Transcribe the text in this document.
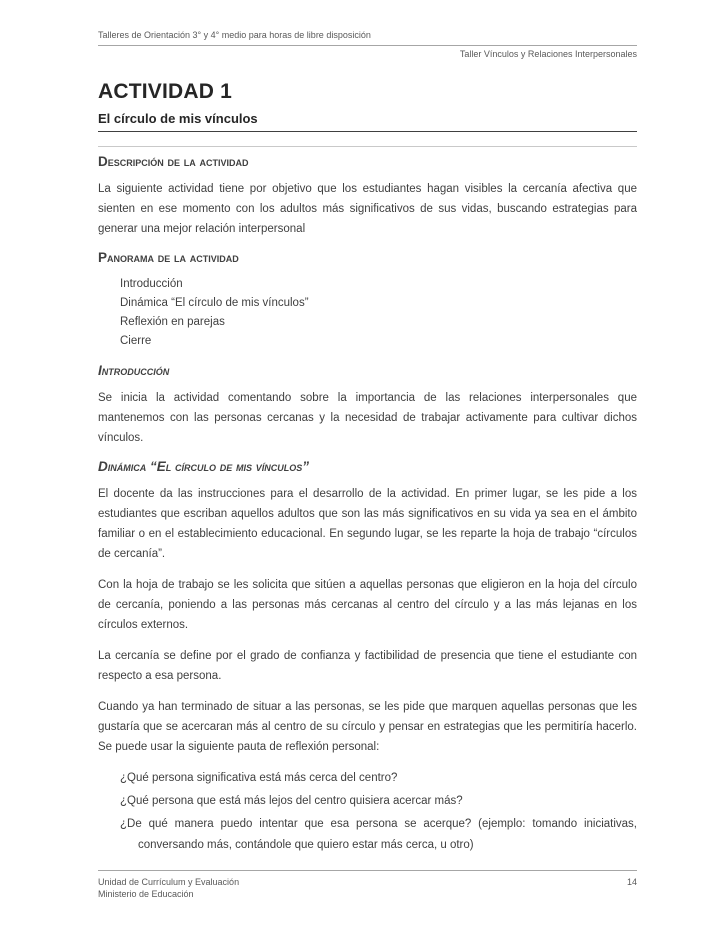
Talleres de Orientación 3° y 4° medio para horas de libre disposición
Taller Vínculos y Relaciones Interpersonales
ACTIVIDAD 1
El círculo de mis vínculos
Descripción de la actividad

La siguiente actividad tiene por objetivo que los estudiantes hagan visibles la cercanía afectiva que sienten en ese momento con los adultos más significativos de sus vidas, buscando estrategias para generar una mejor relación interpersonal

Panorama de la actividad
Introducción
Dinámica “El círculo de mis vínculos”
Reflexión en parejas
Cierre
Introducción

Se inicia la actividad comentando sobre la importancia de las relaciones interpersonales que mantenemos con las personas cercanas y la necesidad de trabajar activamente para cultivar dichos vínculos.

Dinámica “El círculo de mis vínculos”

El docente da las instrucciones para el desarrollo de la actividad. En primer lugar, se les pide a los estudiantes que escriban aquellos adultos que son las más significativos en su vida ya sea en el ámbito familiar o en el establecimiento educacional. En segundo lugar, se les reparte la hoja de trabajo “círculos de cercanía”.

Con la hoja de trabajo se les solicita que sitúen a aquellas personas que eligieron en la hoja del círculo de cercanía, poniendo a las personas más cercanas al centro del círculo y a las más lejanas en los círculos externos.

La cercanía se define por el grado de confianza y factibilidad de presencia que tiene el estudiante con respecto a esa persona.

Cuando ya han terminado de situar a las personas, se les pide que marquen aquellas personas que les gustaría que se acercaran más al centro de su círculo y pensar en estrategias que les permitiría hacerlo. Se puede usar la siguiente pauta de reflexión personal:

¿Qué persona significativa está más cerca del centro?
¿Qué persona que está más lejos del centro quisiera acercar más?
¿De qué manera puedo intentar que esa persona se acerque? (ejemplo: tomando iniciativas, conversando más, contándole que quiero estar más cerca, u otro)
Unidad de Currículum y Evaluación
Ministerio de Educación
14
